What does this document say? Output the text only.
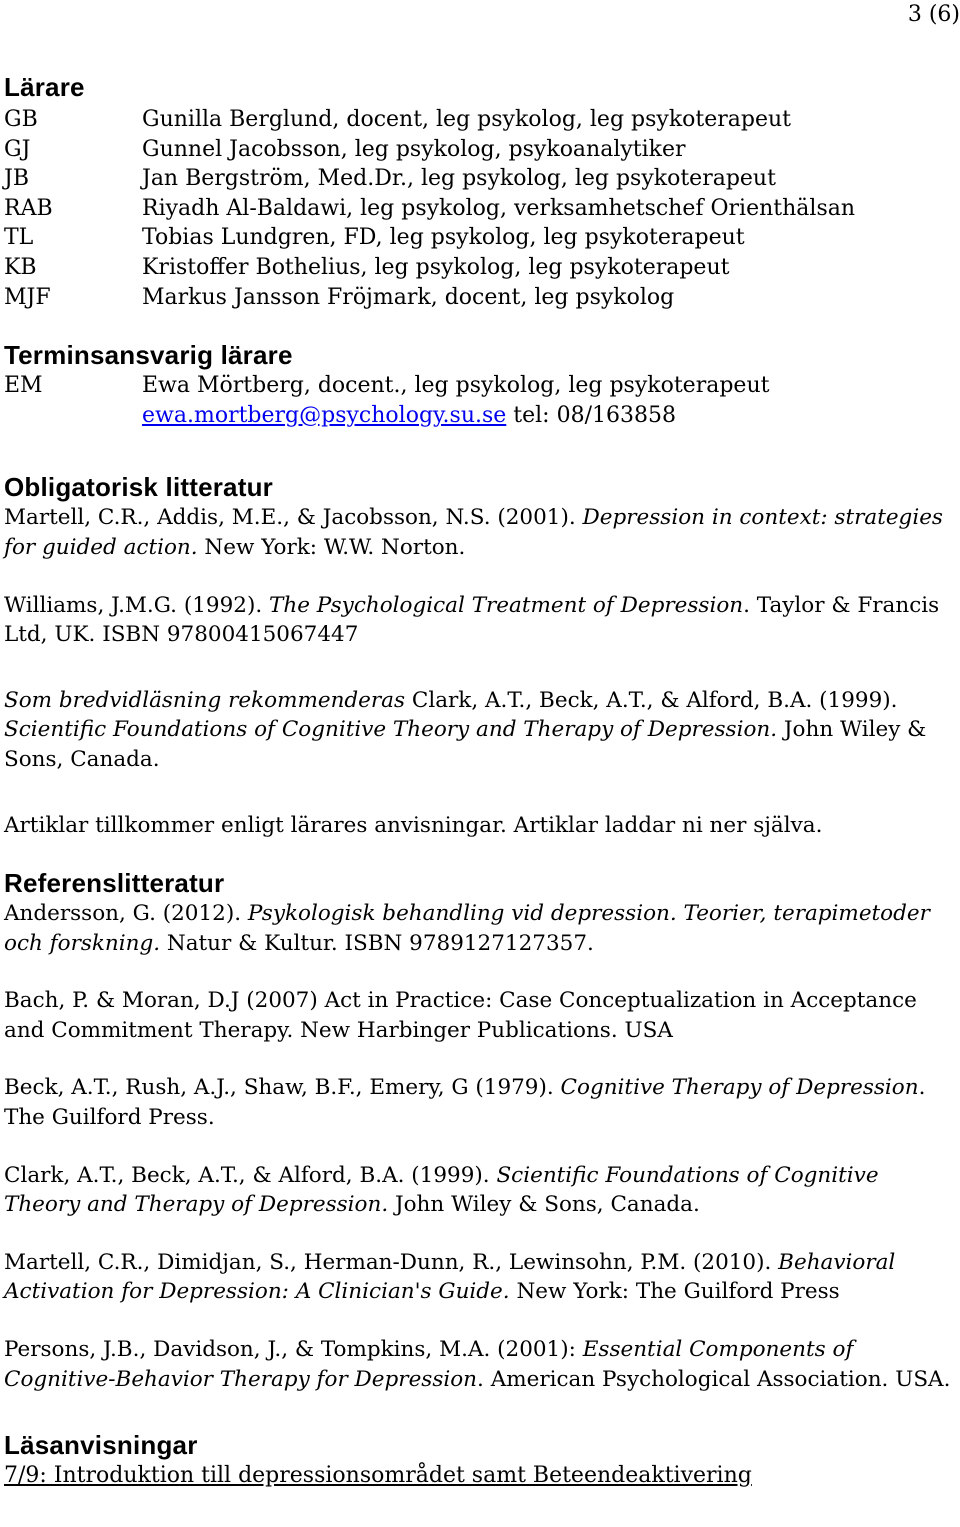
3 (6)
Lärare
GB	Gunilla Berglund, docent, leg psykolog, leg psykoterapeut
GJ	Gunnel Jacobsson, leg psykolog, psykoanalytiker
JB	Jan Bergström, Med.Dr., leg psykolog, leg psykoterapeut
RAB	Riyadh Al-Baldawi, leg psykolog, verksamhetschef Orienthälsan
TL	Tobias Lundgren, FD, leg psykolog, leg psykoterapeut
KB	Kristoffer Bothelius, leg psykolog, leg psykoterapeut
MJF	Markus Jansson Fröjmark, docent, leg psykolog
Terminsansvarig lärare
EM	Ewa Mörtberg, docent., leg psykolog, leg psykoterapeut
ewa.mortberg@psychology.su.se tel: 08/163858
Obligatorisk litteratur

Martell, C.R., Addis, M.E., & Jacobsson, N.S. (2001). Depression in context: strategies for guided action. New York: W.W. Norton.

Williams, J.M.G. (1992). The Psychological Treatment of Depression. Taylor & Francis Ltd, UK. ISBN 97800415067447

Som bredvidläsning rekommenderas Clark, A.T., Beck, A.T., & Alford, B.A. (1999). Scientific Foundations of Cognitive Theory and Therapy of Depression. John Wiley & Sons, Canada.

Artiklar tillkommer enligt lärares anvisningar. Artiklar laddar ni ner själva.

Referenslitteratur

Andersson, G. (2012). Psykologisk behandling vid depression. Teorier, terapimetoder och forskning. Natur & Kultur. ISBN 9789127127357.

Bach, P. & Moran, D.J (2007) Act in Practice: Case Conceptualization in Acceptance and Commitment Therapy. New Harbinger Publications. USA

Beck, A.T., Rush, A.J., Shaw, B.F., Emery, G (1979). Cognitive Therapy of Depression. The Guilford Press.

Clark, A.T., Beck, A.T., & Alford, B.A. (1999). Scientific Foundations of Cognitive Theory and Therapy of Depression. John Wiley & Sons, Canada.

Martell, C.R., Dimidjan, S., Herman-Dunn, R., Lewinsohn, P.M. (2010). Behavioral Activation for Depression: A Clinician's Guide. New York: The Guilford Press

Persons, J.B., Davidson, J., & Tompkins, M.A. (2001): Essential Components of Cognitive-Behavior Therapy for Depression. American Psychological Association. USA.

Läsanvisningar
7/9: Introduktion till depressionsområdet samt Beteendeaktivering
